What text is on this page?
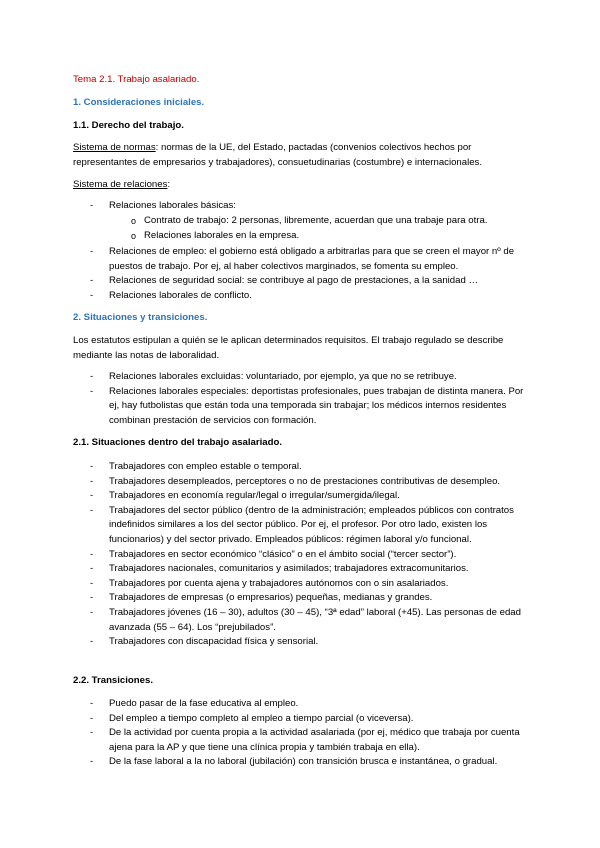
Tema 2.1. Trabajo asalariado.

1. Consideraciones iniciales.

1.1. Derecho del trabajo.

Sistema de normas: normas de la UE, del Estado, pactadas (convenios colectivos hechos por representantes de empresarios y trabajadores), consuetudinarias (costumbre) e internacionales.

Sistema de relaciones:

- Relaciones laborales básicas:
o Contrato de trabajo: 2 personas, libremente, acuerdan que una trabaje para otra.
o Relaciones laborales en la empresa.
- Relaciones de empleo: el gobierno está obligado a arbitrarlas para que se creen el mayor nº de puestos de trabajo. Por ej, al haber colectivos marginados, se fomenta su empleo.
- Relaciones de seguridad social: se contribuye al pago de prestaciones, a la sanidad …
- Relaciones laborales de conflicto.

2. Situaciones y transiciones.

Los estatutos estipulan a quién se le aplican determinados requisitos. El trabajo regulado se describe mediante las notas de laboralidad.

- Relaciones laborales excluidas: voluntariado, por ejemplo, ya que no se retribuye.
- Relaciones laborales especiales: deportistas profesionales, pues trabajan de distinta manera. Por ej, hay futbolistas que están toda una temporada sin trabajar; los médicos internos residentes combinan prestación de servicios con formación.

2.1. Situaciones dentro del trabajo asalariado.

- Trabajadores con empleo estable o temporal.
- Trabajadores desempleados, perceptores o no de prestaciones contributivas de desempleo.
- Trabajadores en economía regular/legal o irregular/sumergida/ilegal.
- Trabajadores del sector público (dentro de la administración; empleados públicos con contratos indefinidos similares a los del sector público. Por ej, el profesor. Por otro lado, existen los funcionarios) y del sector privado. Empleados públicos: régimen laboral y/o funcional.
- Trabajadores en sector económico “clásico” o en el ámbito social (“tercer sector”).
- Trabajadores nacionales, comunitarios y asimilados; trabajadores extracomunitarios.
- Trabajadores por cuenta ajena y trabajadores autónomos con o sin asalariados.
- Trabajadores de empresas (o empresarios) pequeñas, medianas y grandes.
- Trabajadores jóvenes (16 – 30), adultos (30 – 45), “3ª edad” laboral (+45). Las personas de edad avanzada (55 – 64). Los “prejubilados”.
- Trabajadores con discapacidad física y sensorial.

2.2. Transiciones.

- Puedo pasar de la fase educativa al empleo.
- Del empleo a tiempo completo al empleo a tiempo parcial (o viceversa).
- De la actividad por cuenta propia a la actividad asalariada (por ej, médico que trabaja por cuenta ajena para la AP y que tiene una clínica propia y también trabaja en ella).
- De la fase laboral a la no laboral (jubilación) con transición brusca e instantánea, o gradual.
